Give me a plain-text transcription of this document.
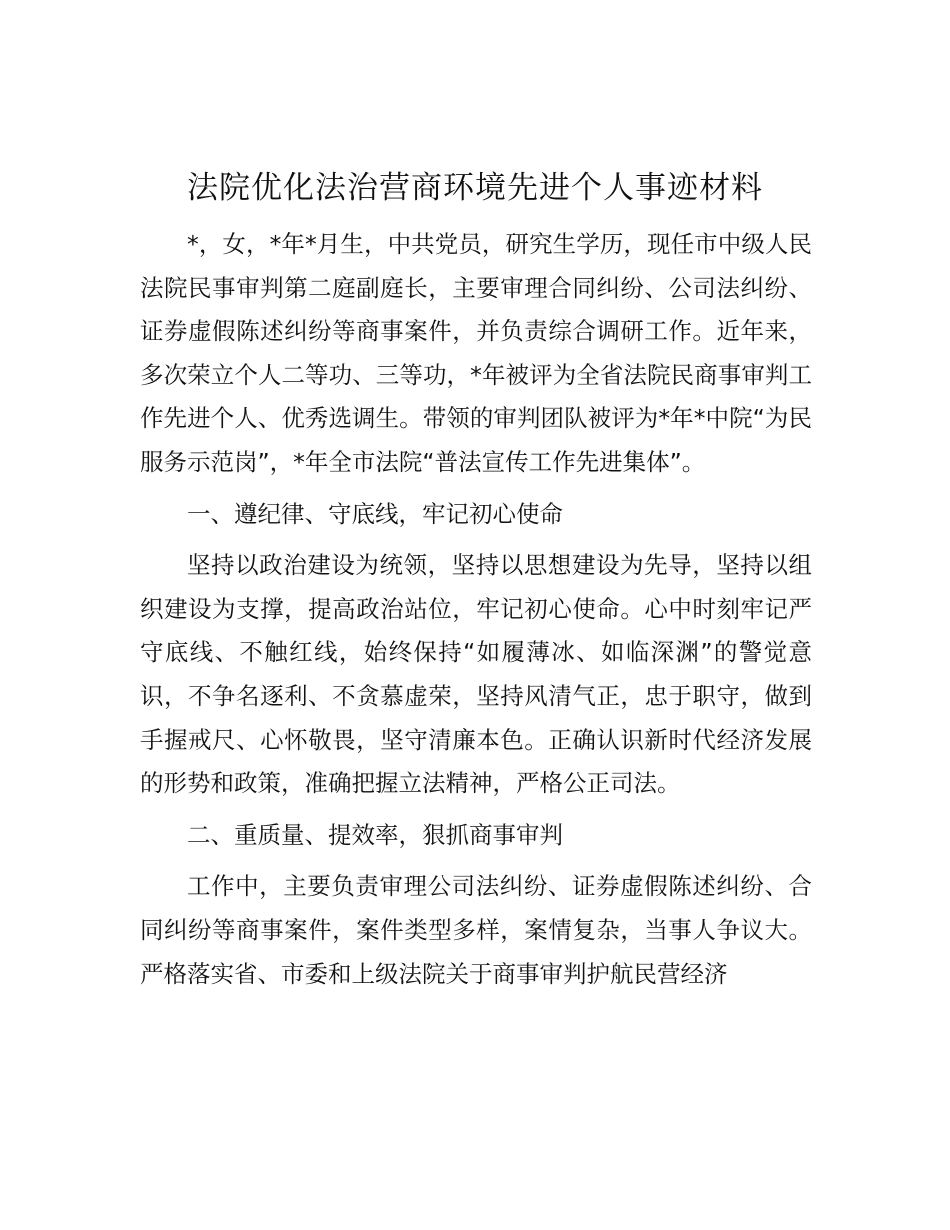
法院优化法治营商环境先进个人事迹材料

*，女，*年*月生，中共党员，研究生学历，现任市中级人民法院民事审判第二庭副庭长，主要审理合同纠纷、公司法纠纷、证券虚假陈述纠纷等商事案件，并负责综合调研工作。近年来，多次荣立个人二等功、三等功，*年被评为全省法院民商事审判工作先进个人、优秀选调生。带领的审判团队被评为*年*中院“为民服务示范岗”，*年全市法院“普法宣传工作先进集体”。

一、遵纪律、守底线，牢记初心使命

坚持以政治建设为统领，坚持以思想建设为先导，坚持以组织建设为支撑，提高政治站位，牢记初心使命。心中时刻牢记严守底线、不触红线，始终保持“如履薄冰、如临深渊”的警觉意识，不争名逐利、不贪慕虚荣，坚持风清气正，忠于职守，做到手握戒尺、心怀敬畏，坚守清廉本色。正确认识新时代经济发展的形势和政策，准确把握立法精神，严格公正司法。

二、重质量、提效率，狠抓商事审判

工作中，主要负责审理公司法纠纷、证券虚假陈述纠纷、合同纠纷等商事案件，案件类型多样，案情复杂，当事人争议大。严格落实省、市委和上级法院关于商事审判护航民营经济
